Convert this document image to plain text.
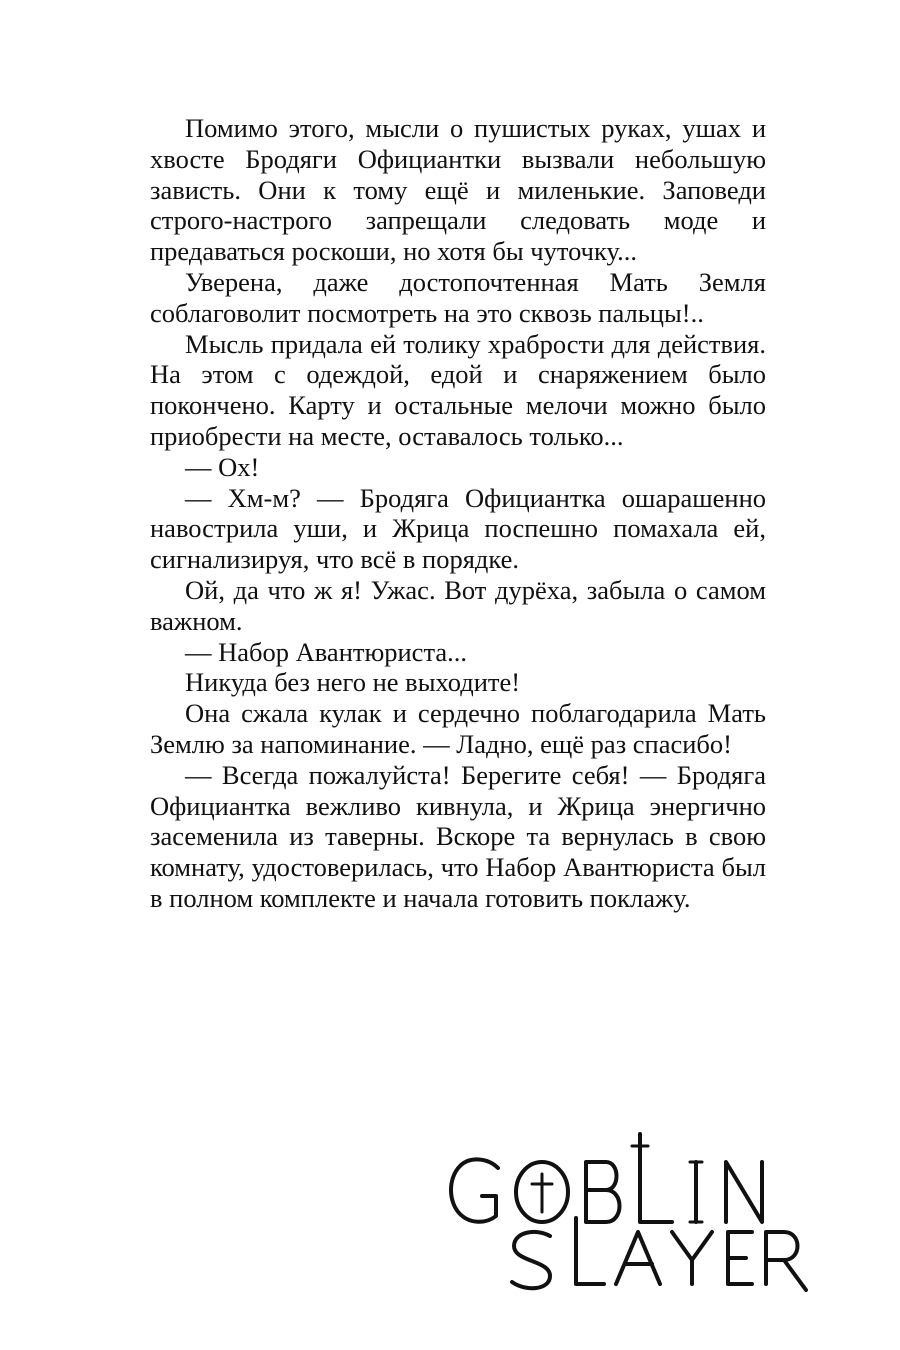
Помимо этого, мысли о пушистых руках, ушах и хвосте Бродяги Официантки вызвали небольшую зависть. Они к тому ещё и миленькие. Заповеди строго-настрого запрещали следовать моде и предаваться роскоши, но хотя бы чуточку...

Уверена, даже достопочтенная Мать Земля соблаговолит посмотреть на это сквозь пальцы!..

Мысль придала ей толику храбрости для действия. На этом с одеждой, едой и снаряжением было покончено. Карту и остальные мелочи можно было приобрести на месте, оставалось только...

— Ох!

— Хм-м? — Бродяга Официантка ошарашенно навострила уши, и Жрица поспешно помахала ей, сигнализируя, что всё в порядке.

Ой, да что ж я! Ужас. Вот дурёха, забыла о самом важном.

— Набор Авантюриста...

Никуда без него не выходите!

Она сжала кулак и сердечно поблагодарила Мать Землю за напоминание. — Ладно, ещё раз спасибо!

— Всегда пожалуйста! Берегите себя! — Бродяга Официантка вежливо кивнула, и Жрица энергично засеменила из таверны. Вскоре та вернулась в свою комнату, удостоверилась, что Набор Авантюриста был в полном комплекте и начала готовить поклажу.
